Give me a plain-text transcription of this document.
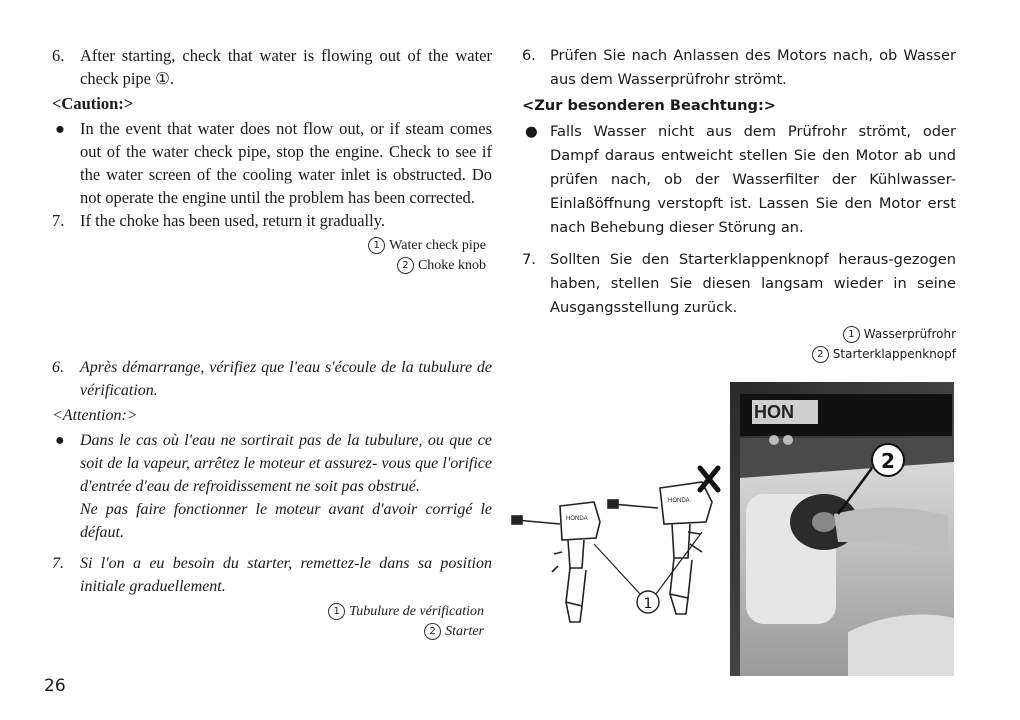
6. After starting, check that water is flowing out of the water check pipe ①.

<Caution:>

● In the event that water does not flow out, or if steam comes out of the water check pipe, stop the engine. Check to see if the water screen of the cooling water inlet is obstructed. Do not operate the engine until the problem has been corrected.

7. If the choke has been used, return it gradually.

1 Water check pipe
2 Choke knob

6. Prüfen Sie nach Anlassen des Motors nach, ob Wasser aus dem Wasserprüfrohr strömt.

<Zur besonderen Beachtung:>

● Falls Wasser nicht aus dem Prüfrohr strömt, oder Dampf daraus entweicht stellen Sie den Motor ab und prüfen nach, ob der Wasserfilter der Kühlwasser-Einlaßöffnung verstopft ist. Lassen Sie den Motor erst nach Behebung dieser Störung an.

7. Sollten Sie den Starterklappenknopf heraus-gezogen haben, stellen Sie diesen langsam wieder in seine Ausgangsstellung zurück.

1 Wasserprüfrohr
2 Starterklappenknopf

6. Après démarrange, vérifiez que l'eau s'écoule de la tubulure de vérification.

<Attention:>

● Dans le cas où l'eau ne sortirait pas de la tubulure, ou que ce soit de la vapeur, arrêtez le moteur et assurez- vous que l'orifice d'entrée d'eau de refroidissement ne soit pas obstrué.
Ne pas faire fonctionner le moteur avant d'avoir corrigé le défaut.

7. Si l'on a eu besoin du starter, remettez-le dans sa position initiale graduellement.

1 Tubulure de vérification
2 Starter
HON
2
HONDA
HONDA
1
26
